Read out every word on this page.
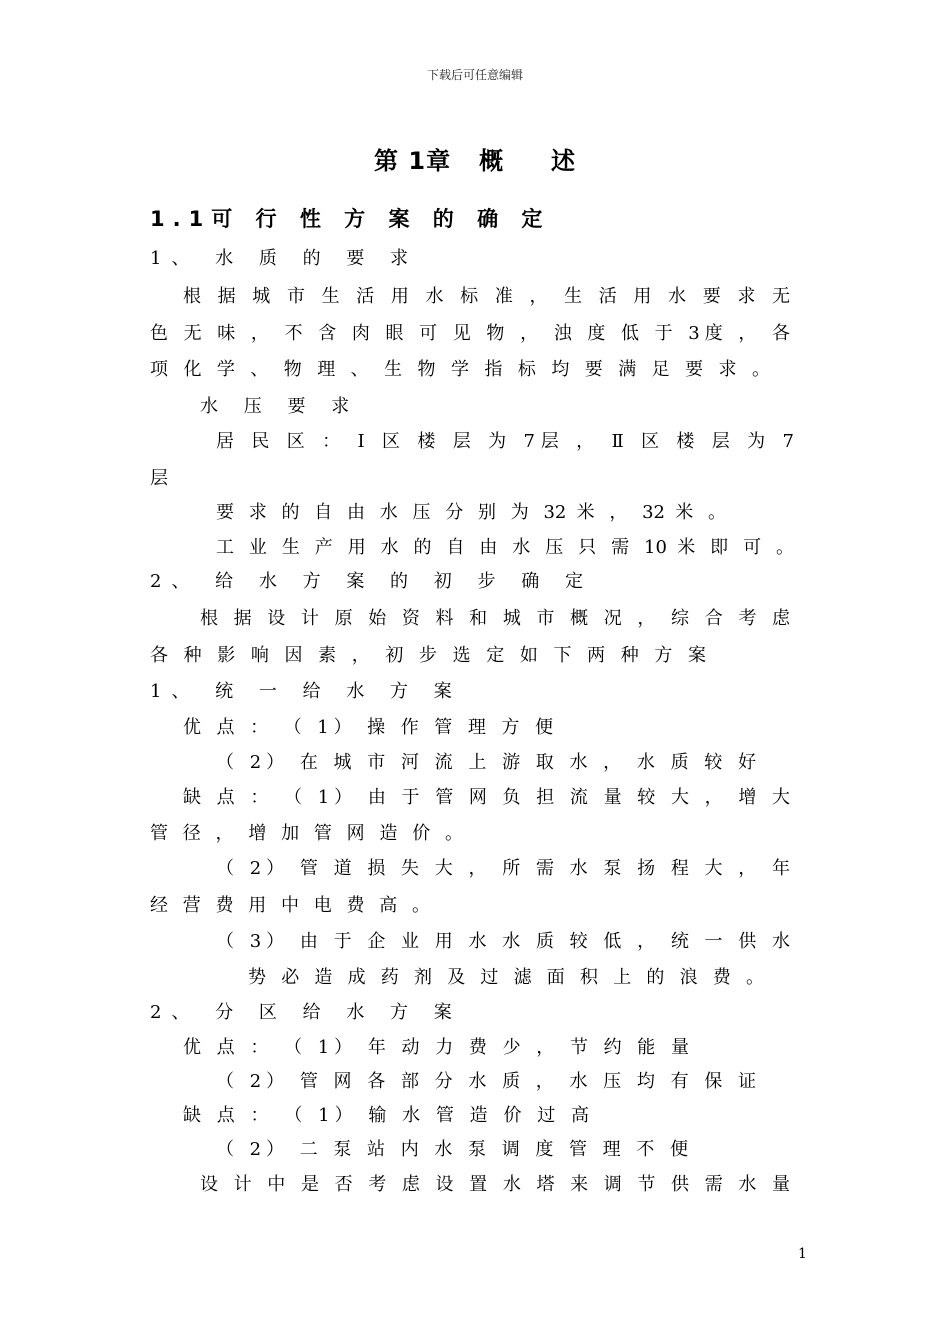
下载后可任意编辑
第 1章   概     述
1.1可 行 性 方 案 的 确 定
1、 水 质 的 要 求
根 据 城 市 生 活 用 水 标 准 ， 生 活 用 水 要 求 无
色 无 味 ， 不 含 肉 眼 可 见 物 ， 浊 度 低 于 3度 ， 各
项 化 学 、 物 理 、 生 物 学 指 标 均 要 满 足 要 求 。
水 压 要 求
居 民 区 ： Ⅰ 区 楼 层 为 7层 ， Ⅱ 区 楼 层 为 7
层
要 求 的 自 由 水 压 分 别 为 32 米 ， 32 米 。
工 业 生 产 用 水 的 自 由 水 压 只 需 10 米 即 可 。
2、 给 水 方 案 的 初 步 确 定
根 据 设 计 原 始 资 料 和 城 市 概 况 ， 综 合 考 虑
各 种 影 响 因 素 ， 初 步 选 定 如 下 两 种 方 案
1、 统 一 给 水 方 案
优 点 ： （ 1） 操 作 管 理 方 便
（ 2） 在 城 市 河 流 上 游 取 水 ， 水 质 较 好
缺 点 ： （ 1） 由 于 管 网 负 担 流 量 较 大 ， 增 大
管 径 ， 增 加 管 网 造 价 。
（ 2） 管 道 损 失 大 ， 所 需 水 泵 扬 程 大 ， 年
经 营 费 用 中 电 费 高 。
（ 3） 由 于 企 业 用 水 水 质 较 低 ， 统 一 供 水
势 必 造 成 药 剂 及 过 滤 面 积 上 的 浪 费 。
2、 分 区 给 水 方 案
优 点 ： （ 1） 年 动 力 费 少 ， 节 约 能 量
（ 2） 管 网 各 部 分 水 质 ， 水 压 均 有 保 证
缺 点 ： （ 1） 输 水 管 造 价 过 高
（ 2） 二 泵 站 内 水 泵 调 度 管 理 不 便
设 计 中 是 否 考 虑 设 置 水 塔 来 调 节 供 需 水 量
1
